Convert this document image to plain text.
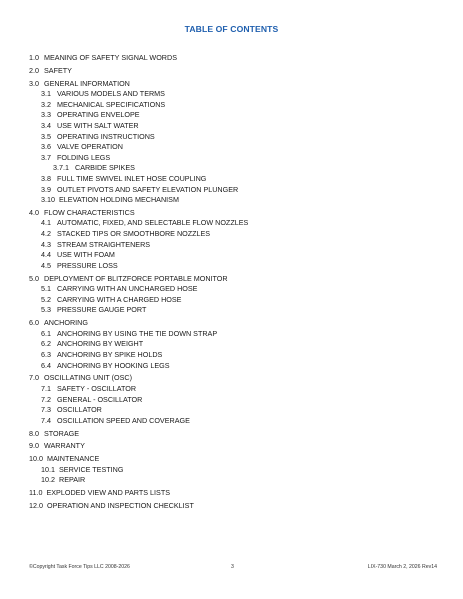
TABLE OF CONTENTS
1.0 MEANING OF SAFETY SIGNAL WORDS
2.0 SAFETY
3.0 GENERAL INFORMATION
3.1 VARIOUS MODELS AND TERMS
3.2 MECHANICAL SPECIFICATIONS
3.3 OPERATING ENVELOPE
3.4 USE WITH SALT WATER
3.5 OPERATING INSTRUCTIONS
3.6 VALVE OPERATION
3.7 FOLDING LEGS
3.7.1 CARBIDE SPIKES
3.8 FULL TIME SWIVEL INLET HOSE COUPLING
3.9 OUTLET PIVOTS AND SAFETY ELEVATION PLUNGER
3.10 ELEVATION HOLDING MECHANISM
4.0 FLOW CHARACTERISTICS
4.1 AUTOMATIC, FIXED, AND SELECTABLE FLOW NOZZLES
4.2 STACKED TIPS OR SMOOTHBORE NOZZLES
4.3 STREAM STRAIGHTENERS
4.4 USE WITH FOAM
4.5 PRESSURE LOSS
5.0 DEPLOYMENT OF BLITZFORCE PORTABLE MONITOR
5.1 CARRYING WITH AN UNCHARGED HOSE
5.2 CARRYING WITH A CHARGED HOSE
5.3 PRESSURE GAUGE PORT
6.0 ANCHORING
6.1 ANCHORING BY USING THE TIE DOWN STRAP
6.2 ANCHORING BY WEIGHT
6.3 ANCHORING BY SPIKE HOLDS
6.4 ANCHORING BY HOOKING LEGS
7.0 OSCILLATING UNIT (OSC)
7.1 SAFETY - OSCILLATOR
7.2 GENERAL - OSCILLATOR
7.3 OSCILLATOR
7.4 OSCILLATION SPEED AND COVERAGE
8.0 STORAGE
9.0 WARRANTY
10.0 MAINTENANCE
10.1 SERVICE TESTING
10.2 REPAIR
11.0 EXPLODED VIEW AND PARTS LISTS
12.0 OPERATION AND INSPECTION CHECKLIST
©Copyright Task Force Tips LLC 2008-2026	3	LIX-730 March 2, 2026 Rev14
